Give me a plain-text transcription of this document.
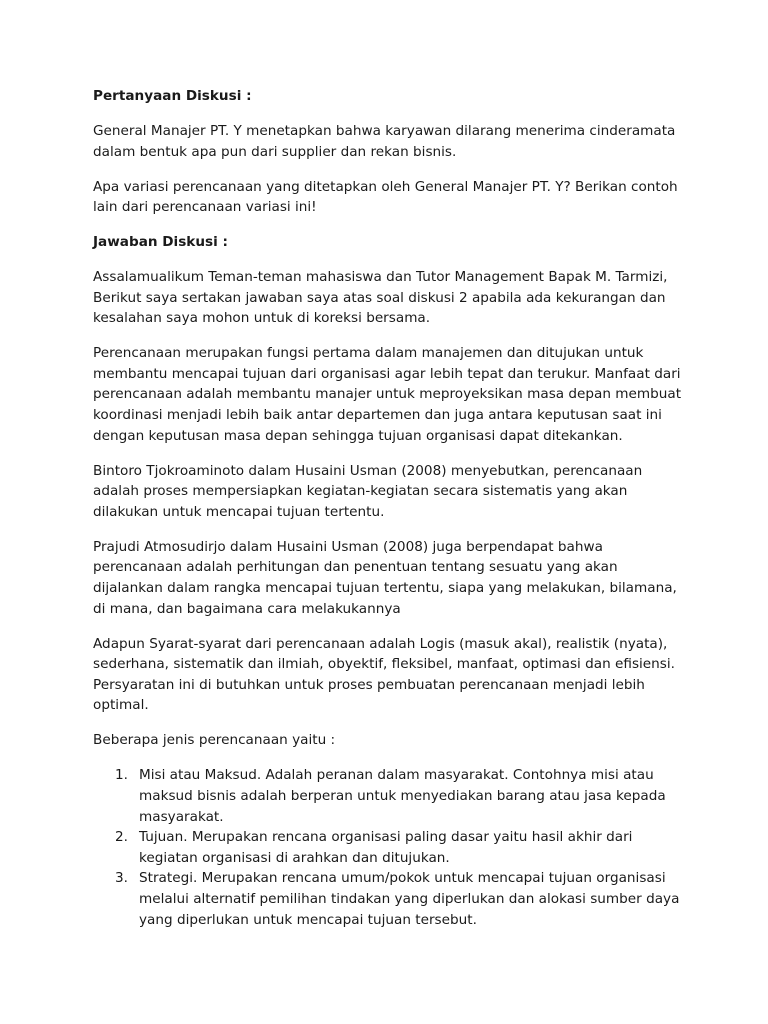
Pertanyaan Diskusi :

General Manajer PT. Y menetapkan bahwa karyawan dilarang menerima cinderamata dalam bentuk apa pun dari supplier dan rekan bisnis.

Apa variasi perencanaan yang ditetapkan oleh General Manajer PT. Y? Berikan contoh lain dari perencanaan variasi ini!

Jawaban Diskusi :

Assalamualikum Teman-teman mahasiswa dan Tutor Management Bapak M. Tarmizi, Berikut saya sertakan jawaban saya atas soal diskusi 2 apabila ada kekurangan dan kesalahan saya mohon untuk di koreksi bersama.

Perencanaan merupakan fungsi pertama dalam manajemen dan ditujukan untuk membantu mencapai tujuan dari organisasi agar lebih tepat dan terukur. Manfaat dari perencanaan adalah membantu manajer untuk meproyeksikan masa depan membuat koordinasi menjadi lebih baik antar departemen dan juga antara keputusan saat ini dengan keputusan masa depan sehingga tujuan organisasi dapat ditekankan.

Bintoro Tjokroaminoto dalam Husaini Usman (2008) menyebutkan, perencanaan adalah proses mempersiapkan kegiatan-kegiatan secara sistematis yang akan dilakukan untuk mencapai tujuan tertentu.

Prajudi Atmosudirjo dalam Husaini Usman (2008) juga berpendapat bahwa perencanaan adalah perhitungan dan penentuan tentang sesuatu yang akan dijalankan dalam rangka mencapai tujuan tertentu, siapa yang melakukan, bilamana, di mana, dan bagaimana cara melakukannya

Adapun Syarat-syarat dari perencanaan adalah Logis (masuk akal), realistik (nyata), sederhana, sistematik dan ilmiah, obyektif, fleksibel, manfaat, optimasi dan efisiensi. Persyaratan ini di butuhkan untuk proses pembuatan perencanaan menjadi lebih optimal.

Beberapa jenis perencanaan yaitu :

1. Misi atau Maksud. Adalah peranan dalam masyarakat. Contohnya misi atau maksud bisnis adalah berperan untuk menyediakan barang atau jasa kepada masyarakat.
2. Tujuan. Merupakan rencana organisasi paling dasar yaitu hasil akhir dari kegiatan organisasi di arahkan dan ditujukan.
3. Strategi. Merupakan rencana umum/pokok untuk mencapai tujuan organisasi melalui alternatif pemilihan tindakan yang diperlukan dan alokasi sumber daya yang diperlukan untuk mencapai tujuan tersebut.
